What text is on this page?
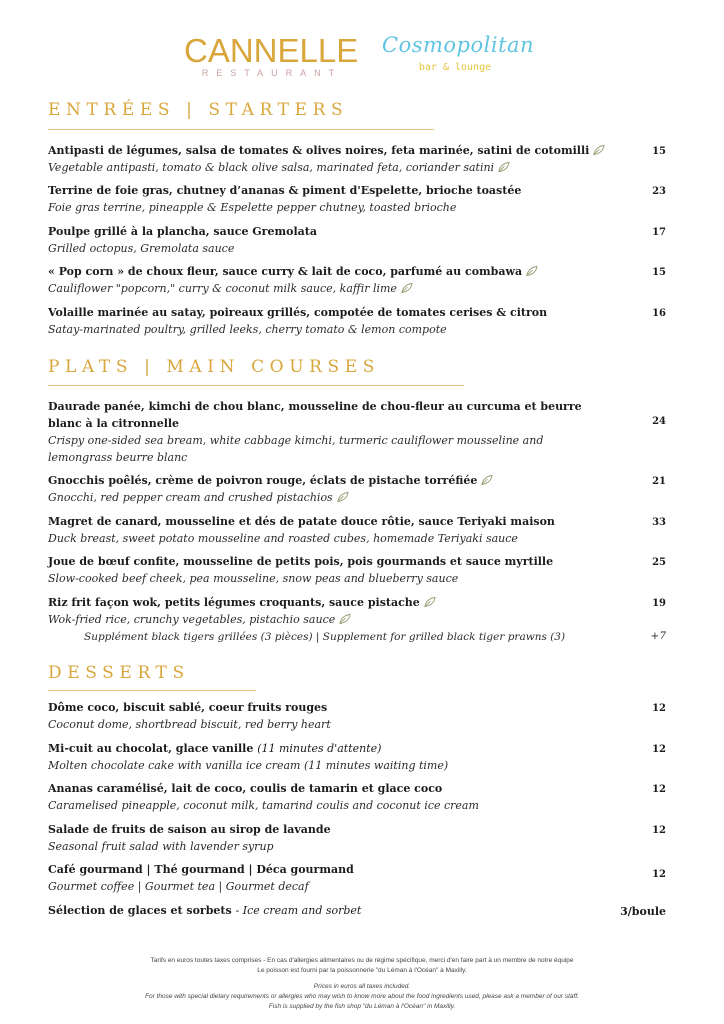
CANNELLE
RESTAURANT
Cosmopolitan
bar & lounge
ENTRÉES | STARTERS
Antipasti de légumes, salsa de tomates & olives noires, feta marinée, satini de cotomilli
Vegetable antipasti, tomato & black olive salsa, marinated feta, coriander satini
15
Terrine de foie gras, chutney d’ananas & piment d'Espelette, brioche toastée
Foie gras terrine, pineapple & Espelette pepper chutney, toasted brioche
23
Poulpe grillé à la plancha, sauce Gremolata
Grilled octopus, Gremolata sauce
17
« Pop corn » de choux fleur, sauce curry & lait de coco, parfumé au combawa
Cauliflower "popcorn," curry & coconut milk sauce, kaffir lime
15
Volaille marinée au satay, poireaux grillés, compotée de tomates cerises & citron
Satay-marinated poultry, grilled leeks, cherry tomato & lemon compote
16
PLATS | MAIN COURSES
Daurade panée, kimchi de chou blanc, mousseline de chou-fleur au curcuma et beurre blanc à la citronnelle
Crispy one-sided sea bream, white cabbage kimchi, turmeric cauliflower mousseline and lemongrass beurre blanc
24
Gnocchis poêlés, crème de poivron rouge, éclats de pistache torréfiée
Gnocchi, red pepper cream and crushed pistachios
21
Magret de canard, mousseline et dés de patate douce rôtie, sauce Teriyaki maison
Duck breast, sweet potato mousseline and roasted cubes, homemade Teriyaki sauce
33
Joue de bœuf confite, mousseline de petits pois, pois gourmands et sauce myrtille
Slow-cooked beef cheek, pea mousseline, snow peas and blueberry sauce
25
Riz frit façon wok, petits légumes croquants, sauce pistache
Wok-fried rice, crunchy vegetables, pistachio sauce
19
Supplément black tigers grillées (3 pièces) | Supplement for grilled black tiger prawns (3)	+7
DESSERTS
Dôme coco, biscuit sablé, coeur fruits rouges
Coconut dome, shortbread biscuit, red berry heart
12
Mi-cuit au chocolat, glace vanille (11 minutes d'attente)
Molten chocolate cake with vanilla ice cream (11 minutes waiting time)
12
Ananas caramélisé, lait de coco, coulis de tamarin et glace coco
Caramelised pineapple, coconut milk, tamarind coulis and coconut ice cream
12
Salade de fruits de saison au sirop de lavande
Seasonal fruit salad with lavender syrup
12
Café gourmand | Thé gourmand | Déca gourmand
Gourmet coffee | Gourmet tea | Gourmet decaf
12
Sélection de glaces et sorbets - Ice cream and sorbet	3/boule
Tarifs en euros toutes taxes comprises - En cas d'allergies alimentaires ou de régime spécifique, merci d'en faire part à un membre de notre équipe
Le poisson est fourni par la poissonnerie "du Léman à l'Océan" à Maxilly.
Prices in euros all taxes included.
For those with special dietary requirements or allergies who may wish to know more about the food ingredients used, please ask a member of our staff.
Fish is supplied by the fish shop "du Léman à l'Océan" in Maxilly.
